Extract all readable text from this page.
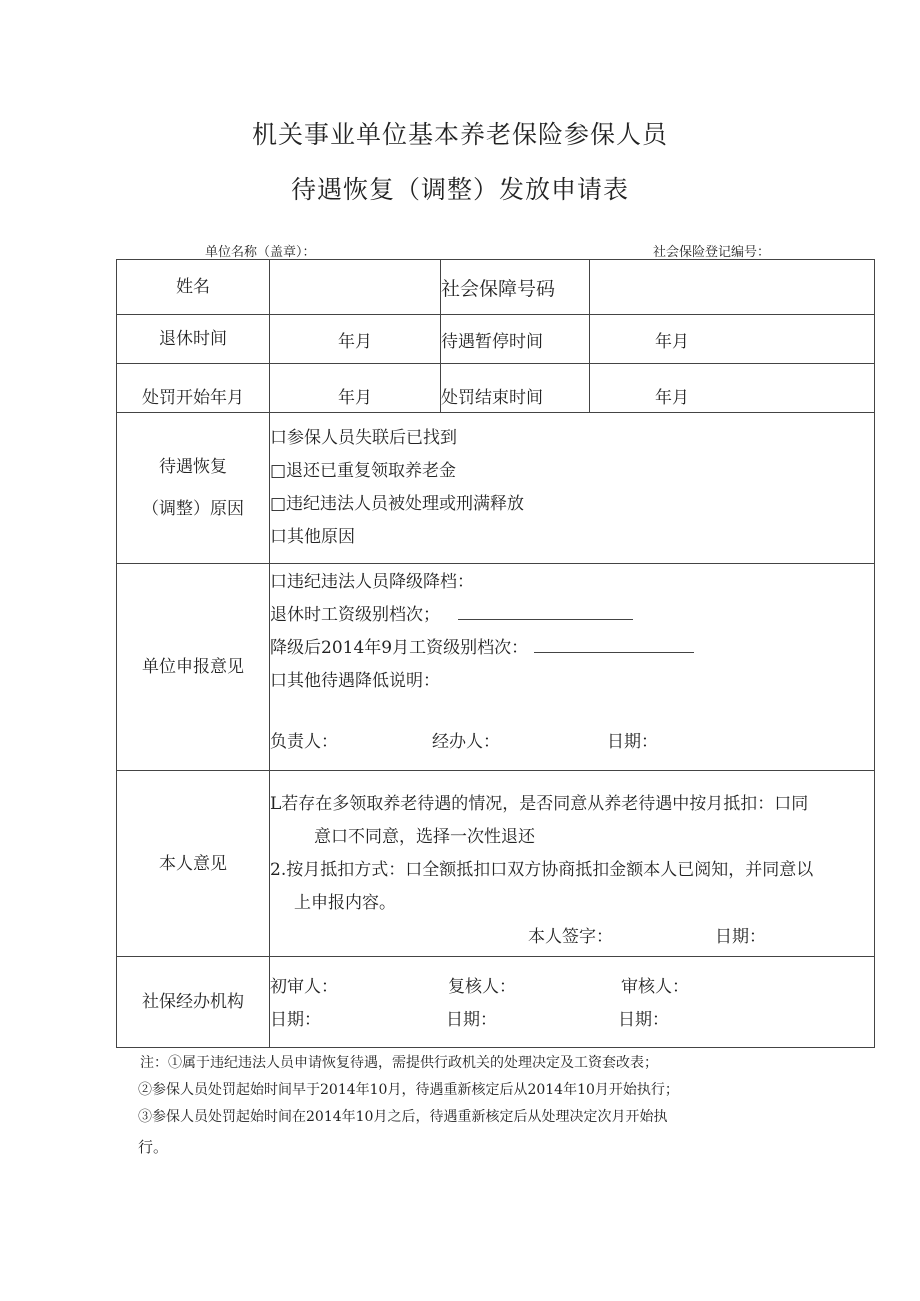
机关事业单位基本养老保险参保人员
待遇恢复（调整）发放申请表
单位名称（盖章）：	社会保险登记编号：
姓名		社会保障号码	
退休时间	年月	待遇暂停时间	年月
处罚开始年月	年月	处罚结束时间	年月

待遇恢复
（调整）原因	口参保人员失联后已找到
□退还已重复领取养老金
□违纪违法人员被处理或刑满释放
口其他原因		

单位申报意见	口违纪违法人员降级降档：
退休时工资级别档次；
降级后2014年9月工资级别档次：
口其他待遇降低说明：
负责人： 经办人： 日期：		

本人意见	L若存在多领取养老待遇的情况，是否同意从养老待遇中按月抵扣：口同
意口不同意，选择一次性退还
2.按月抵扣方式：口全额抵扣口双方协商抵扣金额本人已阅知，并同意以
上申报内容。
本人签字： 日期：		

社保经办机构	初审人： 复核人： 审核人：
日期： 日期： 日期：		
注：①属于违纪违法人员申请恢复待遇，需提供行政机关的处理决定及工资套改表；
②参保人员处罚起始时间早于2014年10月，待遇重新核定后从2014年10月开始执行；
③参保人员处罚起始时间在2014年10月之后，待遇重新核定后从处理决定次月开始执
行。
